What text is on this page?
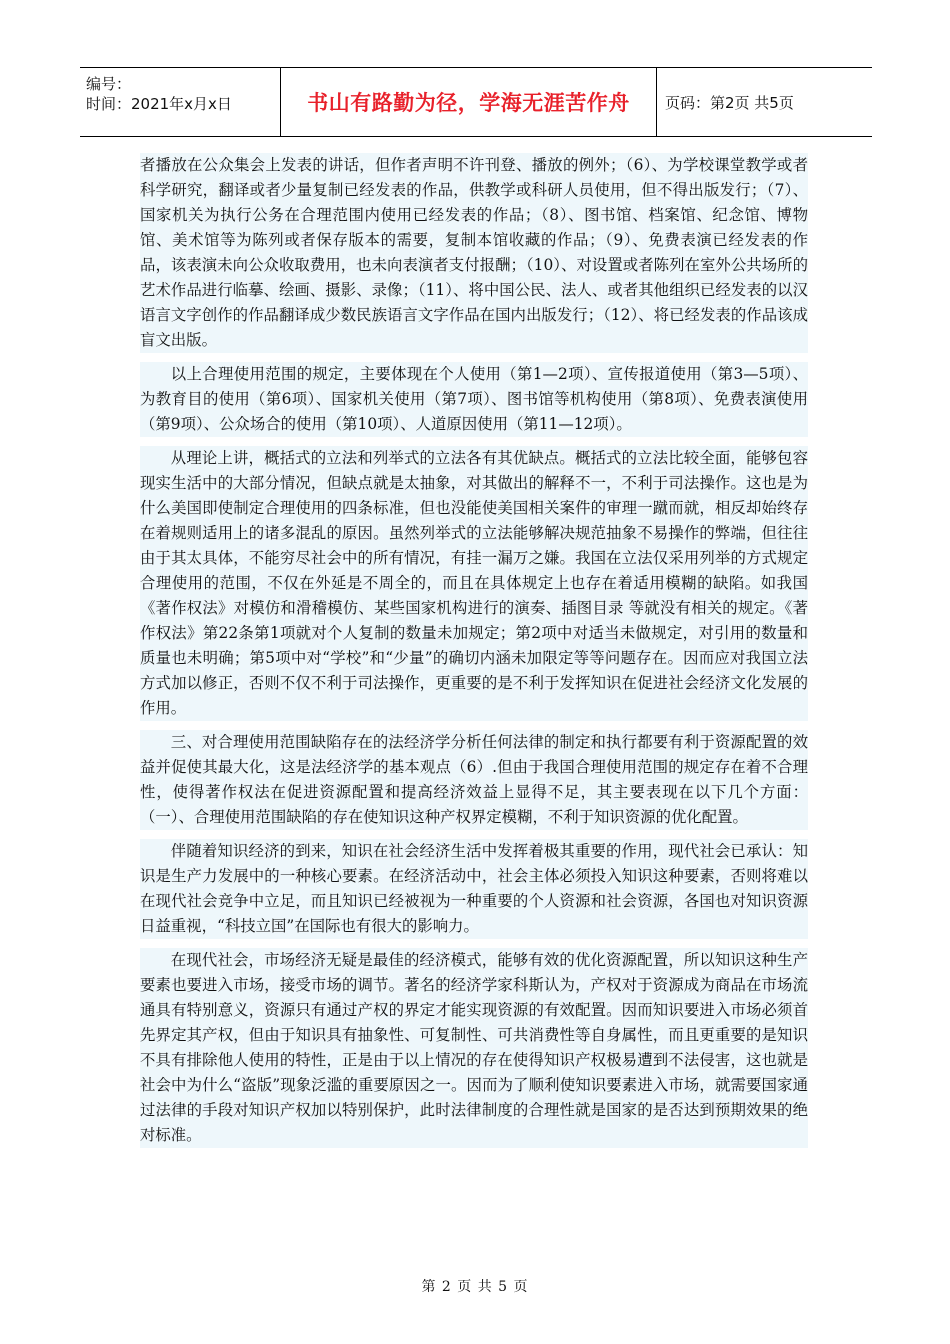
编号：
时间：2021年x月x日	书山有路勤为径，学海无涯苦作舟	页码：第2页 共5页

者播放在公众集会上发表的讲话，但作者声明不许刊登、播放的例外；（6）、为学校课堂教学或者科学研究，翻译或者少量复制已经发表的作品，供教学或科研人员使用，但不得出版发行；（7）、国家机关为执行公务在合理范围内使用已经发表的作品；（8）、图书馆、档案馆、纪念馆、博物馆、美术馆等为陈列或者保存版本的需要，复制本馆收藏的作品；（9）、免费表演已经发表的作品，该表演未向公众收取费用，也未向表演者支付报酬；（10）、对设置或者陈列在室外公共场所的艺术作品进行临摹、绘画、摄影、录像；（11）、将中国公民、法人、或者其他组织已经发表的以汉语言文字创作的作品翻译成少数民族语言文字作品在国内出版发行；（12）、将已经发表的作品该成盲文出版。

以上合理使用范围的规定，主要体现在个人使用（第1—2项）、宣传报道使用（第3—5项）、为教育目的使用（第6项）、国家机关使用（第7项）、图书馆等机构使用（第8项）、免费表演使用（第9项）、公众场合的使用（第10项）、人道原因使用（第11—12项）。

从理论上讲，概括式的立法和列举式的立法各有其优缺点。概括式的立法比较全面，能够包容现实生活中的大部分情况，但缺点就是太抽象，对其做出的解释不一，不利于司法操作。这也是为什么美国即使制定合理使用的四条标准，但也没能使美国相关案件的审理一蹴而就，相反却始终存在着规则适用上的诸多混乱的原因。虽然列举式的立法能够解决规范抽象不易操作的弊端，但往往由于其太具体，不能穷尽社会中的所有情况，有挂一漏万之嫌。我国在立法仅采用列举的方式规定合理使用的范围，不仅在外延是不周全的，而且在具体规定上也存在着适用模糊的缺陷。如我国《著作权法》对模仿和滑稽模仿、某些国家机构进行的演奏、插图目录 等就没有相关的规定。《著作权法》第22条第1项就对个人复制的数量未加规定；第2项中对适当未做规定，对引用的数量和质量也未明确；第5项中对“学校”和“少量”的确切内涵未加限定等等问题存在。因而应对我国立法方式加以修正，否则不仅不利于司法操作，更重要的是不利于发挥知识在促进社会经济文化发展的作用。

三、对合理使用范围缺陷存在的法经济学分析任何法律的制定和执行都要有利于资源配置的效益并促使其最大化，这是法经济学的基本观点（6）.但由于我国合理使用范围的规定存在着不合理性，使得著作权法在促进资源配置和提高经济效益上显得不足，其主要表现在以下几个方面：（一）、合理使用范围缺陷的存在使知识这种产权界定模糊，不利于知识资源的优化配置。

伴随着知识经济的到来，知识在社会经济生活中发挥着极其重要的作用，现代社会已承认：知识是生产力发展中的一种核心要素。在经济活动中，社会主体必须投入知识这种要素，否则将难以在现代社会竞争中立足，而且知识已经被视为一种重要的个人资源和社会资源，各国也对知识资源日益重视，“科技立国”在国际也有很大的影响力。

在现代社会，市场经济无疑是最佳的经济模式，能够有效的优化资源配置，所以知识这种生产要素也要进入市场，接受市场的调节。著名的经济学家科斯认为，产权对于资源成为商品在市场流通具有特别意义，资源只有通过产权的界定才能实现资源的有效配置。因而知识要进入市场必须首先界定其产权，但由于知识具有抽象性、可复制性、可共消费性等自身属性，而且更重要的是知识不具有排除他人使用的特性，正是由于以上情况的存在使得知识产权极易遭到不法侵害，这也就是社会中为什么“盗版”现象泛滥的重要原因之一。因而为了顺利使知识要素进入市场，就需要国家通过法律的手段对知识产权加以特别保护，此时法律制度的合理性就是国家的是否达到预期效果的绝对标准。

第 2 页 共 5 页
